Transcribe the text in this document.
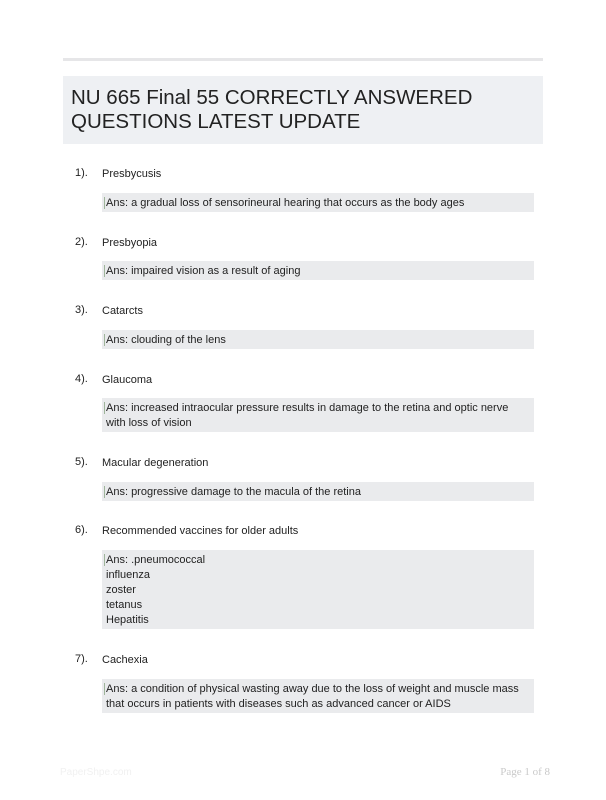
NU 665 Final 55 CORRECTLY ANSWERED QUESTIONS LATEST UPDATE
1). Presbycusis
Ans: a gradual loss of sensorineural hearing that occurs as the body ages
2). Presbyopia
Ans: impaired vision as a result of aging
3). Catarcts
Ans: clouding of the lens
4). Glaucoma
Ans: increased intraocular pressure results in damage to the retina and optic nerve with loss of vision
5). Macular degeneration
Ans: progressive damage to the macula of the retina
6). Recommended vaccines for older adults
Ans: .pneumococcal
influenza
zoster
tetanus
Hepatitis
7). Cachexia
Ans: a condition of physical wasting away due to the loss of weight and muscle mass that occurs in patients with diseases such as advanced cancer or AIDS
PaperShpe.com	Page 1 of 8
